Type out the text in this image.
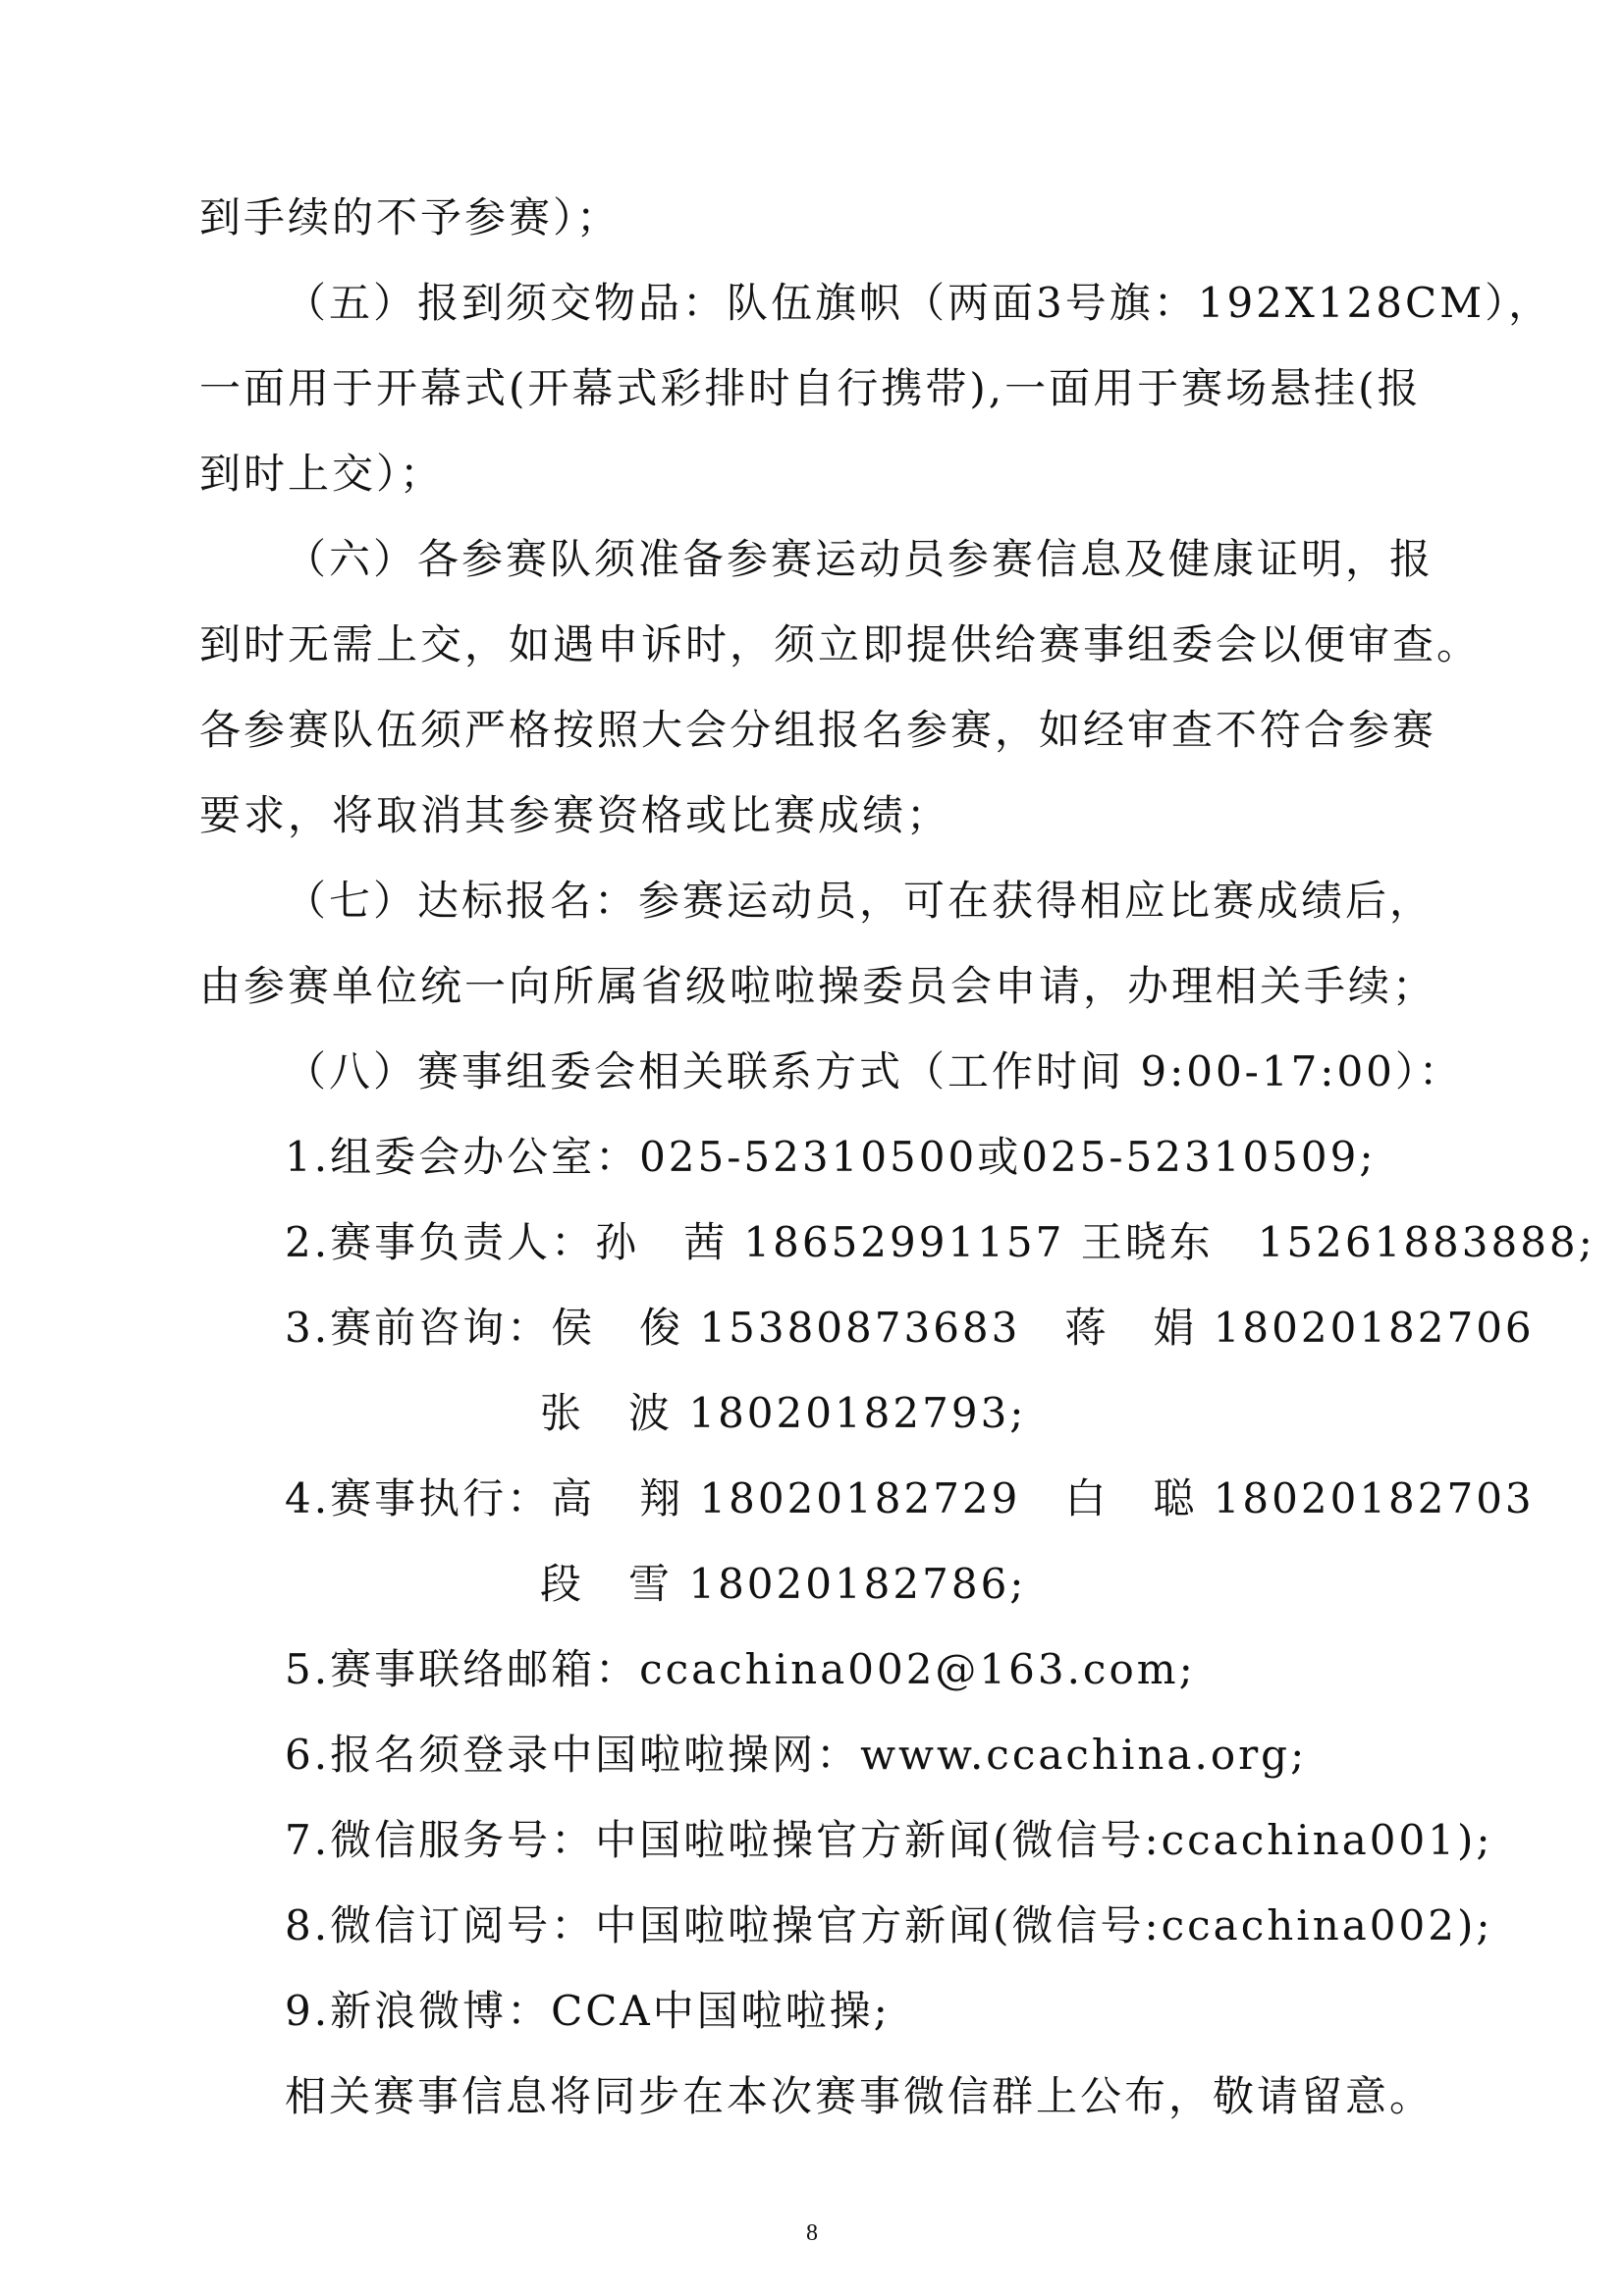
到手续的不予参赛）；
（五）报到须交物品：队伍旗帜（两面3号旗：192X128CM），
一面用于开幕式(开幕式彩排时自行携带),一面用于赛场悬挂(报
到时上交）；
（六）各参赛队须准备参赛运动员参赛信息及健康证明，报
到时无需上交，如遇申诉时，须立即提供给赛事组委会以便审查。
各参赛队伍须严格按照大会分组报名参赛，如经审查不符合参赛
要求，将取消其参赛资格或比赛成绩；
（七）达标报名：参赛运动员，可在获得相应比赛成绩后，
由参赛单位统一向所属省级啦啦操委员会申请，办理相关手续；
（八）赛事组委会相关联系方式（工作时间 9:00-17:00）：
1.组委会办公室：025-52310500或025-52310509;
2.赛事负责人：孙　茜 18652991157 王晓东　15261883888;
3.赛前咨询：侯　俊 15380873683　蒋　娟 18020182706
张　波 18020182793;
4.赛事执行：高　翔 18020182729　白　聪 18020182703
段　雪 18020182786;
5.赛事联络邮箱：ccachina002@163.com;
6.报名须登录中国啦啦操网：www.ccachina.org;
7.微信服务号：中国啦啦操官方新闻(微信号:ccachina001);
8.微信订阅号：中国啦啦操官方新闻(微信号:ccachina002);
9.新浪微博：CCA中国啦啦操;
相关赛事信息将同步在本次赛事微信群上公布，敬请留意。
8
